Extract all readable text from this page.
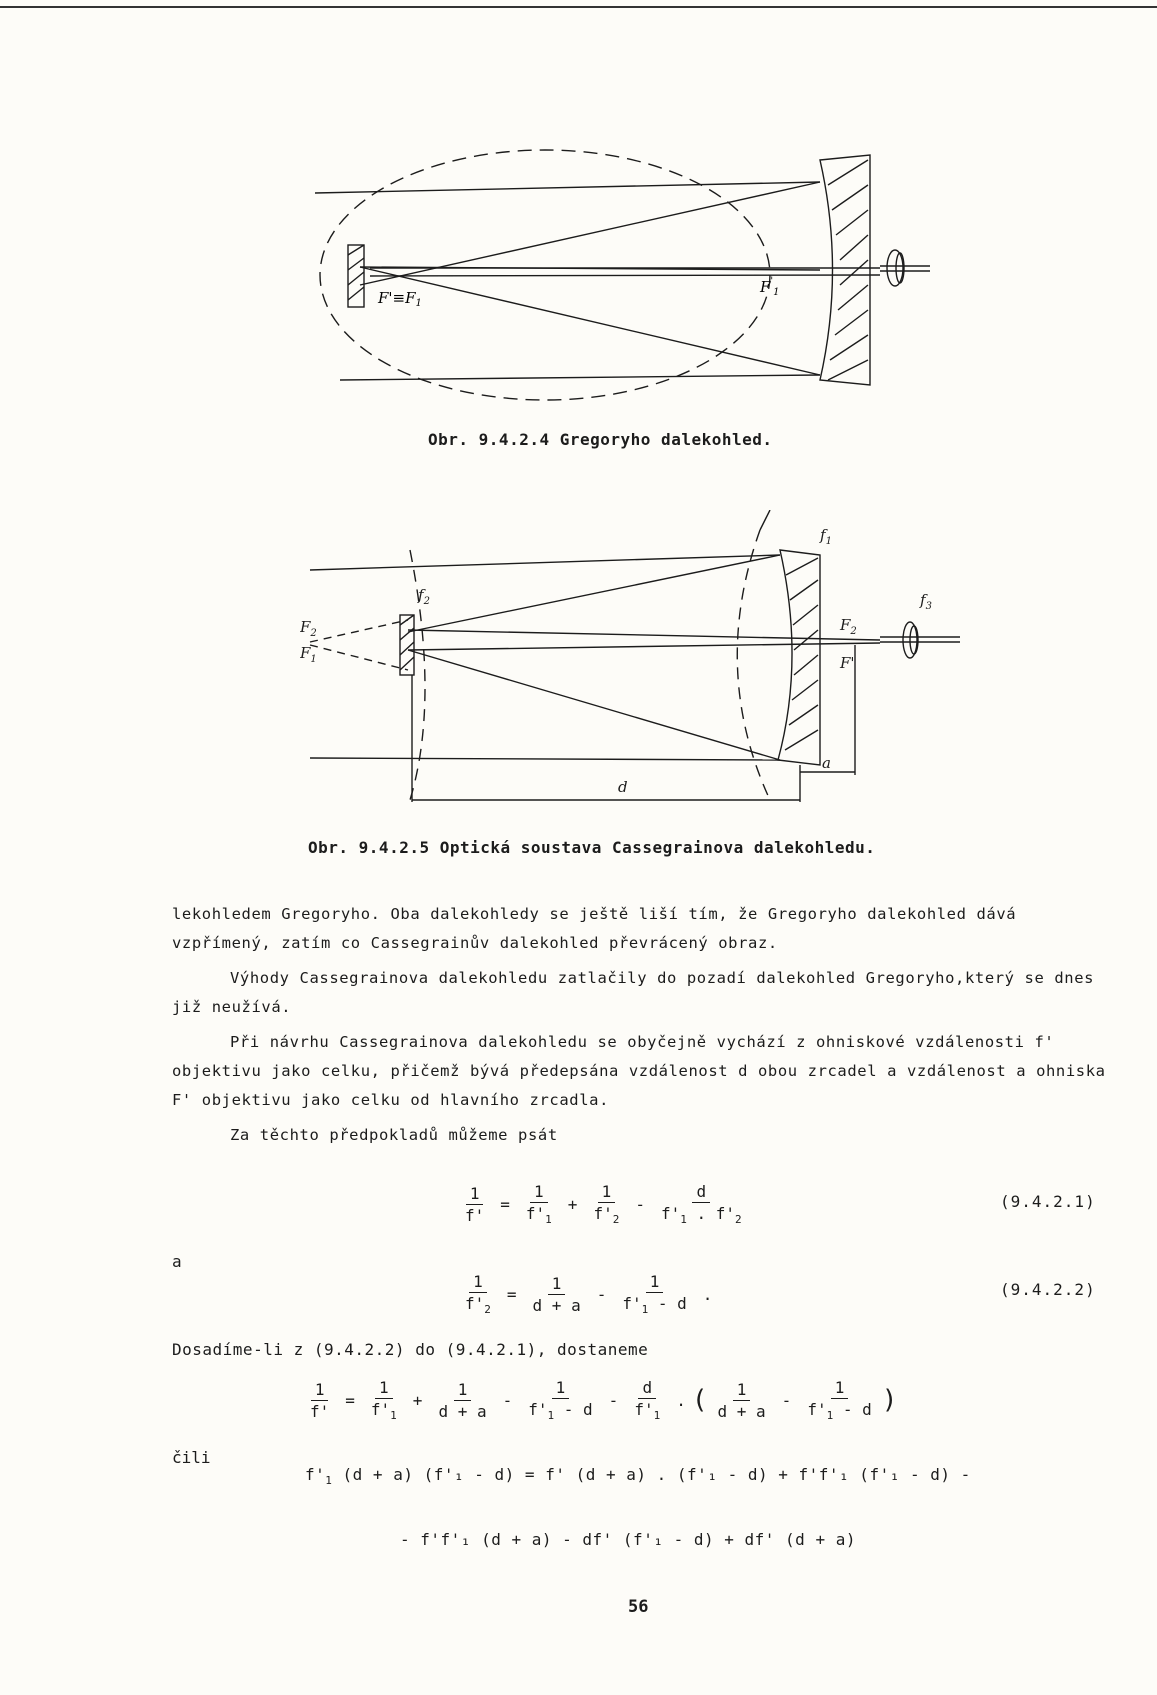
$F'\equiv F_1$
$F'_1$
Obr. 9.4.2.4 Gregoryho dalekohled.
$f_1$
$f_2$	$f_3$
$F_2$
$F_1$
$F_2$
F'
d
a
Obr. 9.4.2.5 Optická soustava Cassegrainova dalekohledu.

lekohledem Gregoryho. Oba dalekohledy se ještě liší tím, že Gregoryho dalekohled dává vzpřímený, zatím co Cassegrainův dalekohled převrácený obraz.

Výhody Cassegrainova dalekohledu zatlačily do pozadí dalekohled Gregoryho,který se dnes již neužívá.

Při návrhu Cassegrainova dalekohledu se obyčejně vychází z ohniskové vzdálenosti f' objektivu jako celku, přičemž bývá předepsána vzdálenost d obou zrcadel a vzdálenost a ohniska F' objektivu jako celku od hlavního zrcadla.

Za těchto předpokladů můžeme psát

$\frac{1}{f'} = \frac{1}{f'_1} + \frac{1}{f'_2} - \frac{d}{f'_1 . f'_2}$	(9.4.2.1)
a
$\frac{1}{f'_2} = \frac{1}{d + a} - \frac{1}{f'_1 - d}$ .	(9.4.2.2)
Dosadíme-li z (9.4.2.2) do (9.4.2.1), dostaneme
$\frac{1}{f'} = \frac{1}{f'_1} + \frac{1}{d + a} - \frac{1}{f'_1 - d} - \frac{d}{f'_1}$ . ( $\frac{1}{d + a} - \frac{1}{f'_1 - d}$ )
čili
$f'_1$ (d + a) (f'₁ - d) = f' (d + a) . (f'₁ - d) + f'f'₁ (f'₁ - d) -
- f'f'₁ (d + a) - df' (f'₁ - d) + df' (d + a)
56
